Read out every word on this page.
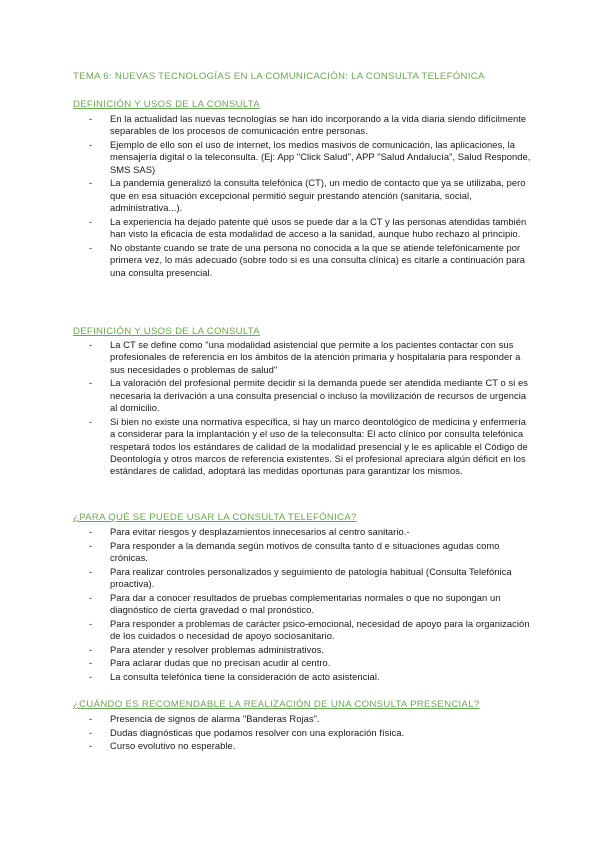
TEMA 6: NUEVAS TECNOLOGÍAS EN LA COMUNICACIÓN: LA CONSULTA TELEFÓNICA
DEFINICIÓN Y USOS DE LA CONSULTA
- En la actualidad las nuevas tecnologías se han ido incorporando a la vida diaria siendo difícilmente separables de los procesos de comunicación entre personas.
- Ejemplo de ello son el uso de internet, los medios masivos de comunicación, las aplicaciones, la mensajería digital o la teleconsulta. (Ej: App "Click Salud", APP "Salud Andalucía", Salud Responde, SMS SAS)
- La pandemia generalizó la consulta telefónica (CT), un medio de contacto que ya se utilizaba, pero que en esa situación excepcional permitió seguir prestando atención (sanitaria, social, administrativa...).
- La experiencia ha dejado patente qué usos se puede dar a la CT y las personas atendidas también han visto la eficacia de esta modalidad de acceso a la sanidad, aunque hubo rechazo al principio.
- No obstante cuando se trate de una persona no conocida a la que se atiende telefónicamente por primera vez, lo más adecuado (sobre todo si es una consulta clínica) es citarle a continuación para una consulta presencial.
DEFINICIÓN Y USOS DE LA CONSULTA
- La CT se define como "una modalidad asistencial que permite a los pacientes contactar con sus profesionales de referencia en los ámbitos de la atención primaria y hospitalaria para responder a sus necesidades o problemas de salud"
- La valoración del profesional permite decidir si la demanda puede ser atendida mediante CT o si es necesaria la derivación a una consulta presencial o incluso la movilización de recursos de urgencia al domicilio.
- Si bien no existe una normativa específica, si hay un marco deontológico de medicina y enfermería a considerar para la implantación y el uso de la teleconsulta: El acto clínico por consulta telefónica respetará todos los estándares de calidad de la modalidad presencial y le es aplicable el Código de Deontología y otros marcos de referencia existentes. Si el profesional apreciara algún déficit en los estándares de calidad, adoptará las medidas oportunas para garantizar los mismos.
¿PARA QUÉ SE PUEDE USAR LA CONSULTA TELEFÓNICA?
- Para evitar riesgos y desplazamientos innecesarios al centro sanitario.-
- Para responder a la demanda según motivos de consulta tanto d e situaciones agudas como crónicas.
- Para realizar controles personalizados y seguimiento de patología habitual (Consulta Telefónica proactiva).
- Para dar a conocer resultados de pruebas complementarias normales o que no supongan un diagnóstico de cierta gravedad o mal pronóstico.
- Para responder a problemas de carácter psico-emocional, necesidad de apoyo para la organización de los cuidados o necesidad de apoyo sociosanitario.
- Para atender y resolver problemas administrativos.
- Para aclarar dudas que no precisan acudir al centro.
- La consulta telefónica tiene la consideración de acto asistencial.
¿CUÁNDO ES RECOMENDABLE LA REALIZACIÓN DE UNA CONSULTA PRESENCIAL?
- Presencia de signos de alarma "Banderas Rojas".
- Dudas diagnósticas que podamos resolver con una exploración física.
- Curso evolutivo no esperable.
